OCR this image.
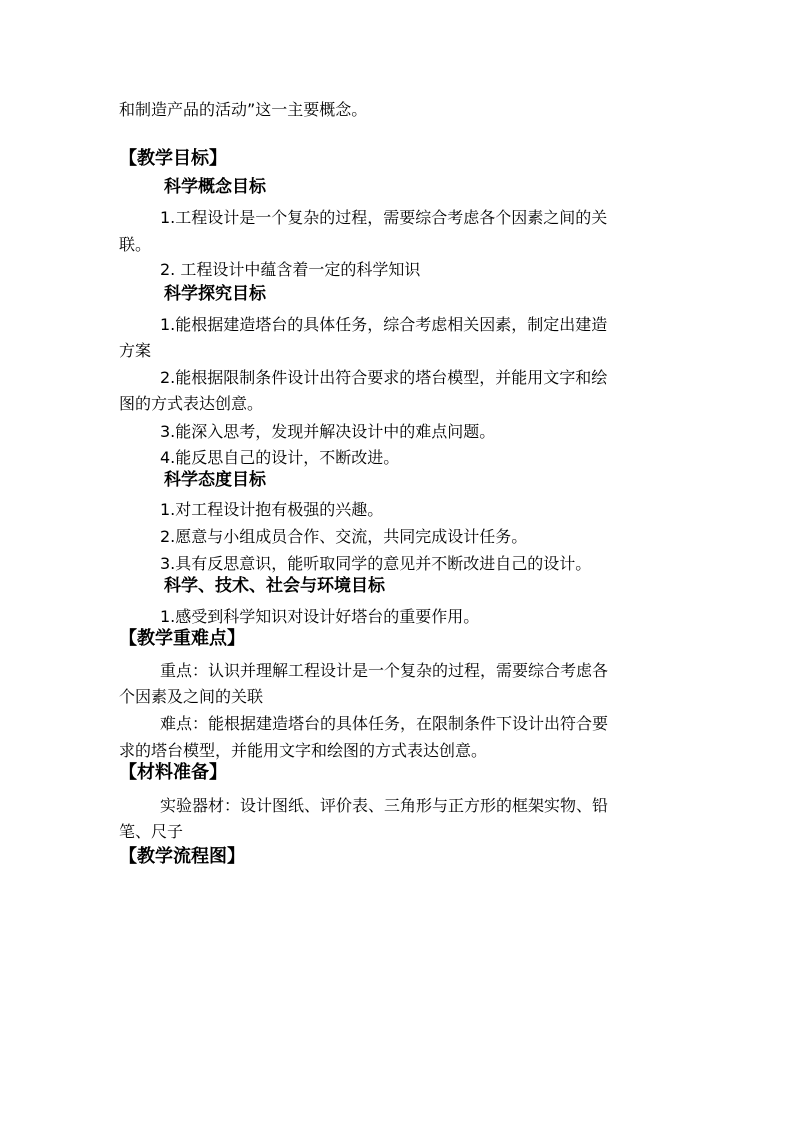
和制造产品的活动”这一主要概念。
【教学目标】
科学概念目标
1.工程设计是一个复杂的过程，需要综合考虑各个因素之间的关
联。
2. 工程设计中蕴含着一定的科学知识
科学探究目标
1.能根据建造塔台的具体任务，综合考虑相关因素，制定出建造
方案
2.能根据限制条件设计出符合要求的塔台模型，并能用文字和绘
图的方式表达创意。
3.能深入思考，发现并解决设计中的难点问题。
4.能反思自己的设计，不断改进。
科学态度目标
1.对工程设计抱有极强的兴趣。
2.愿意与小组成员合作、交流，共同完成设计任务。
3.具有反思意识，能听取同学的意见并不断改进自己的设计。
科学、技术、社会与环境目标
1.感受到科学知识对设计好塔台的重要作用。
【教学重难点】
重点：认识并理解工程设计是一个复杂的过程，需要综合考虑各
个因素及之间的关联
难点：能根据建造塔台的具体任务，在限制条件下设计出符合要
求的塔台模型，并能用文字和绘图的方式表达创意。
【材料准备】
实验器材：设计图纸、评价表、三角形与正方形的框架实物、铅
笔、尺子
【教学流程图】
